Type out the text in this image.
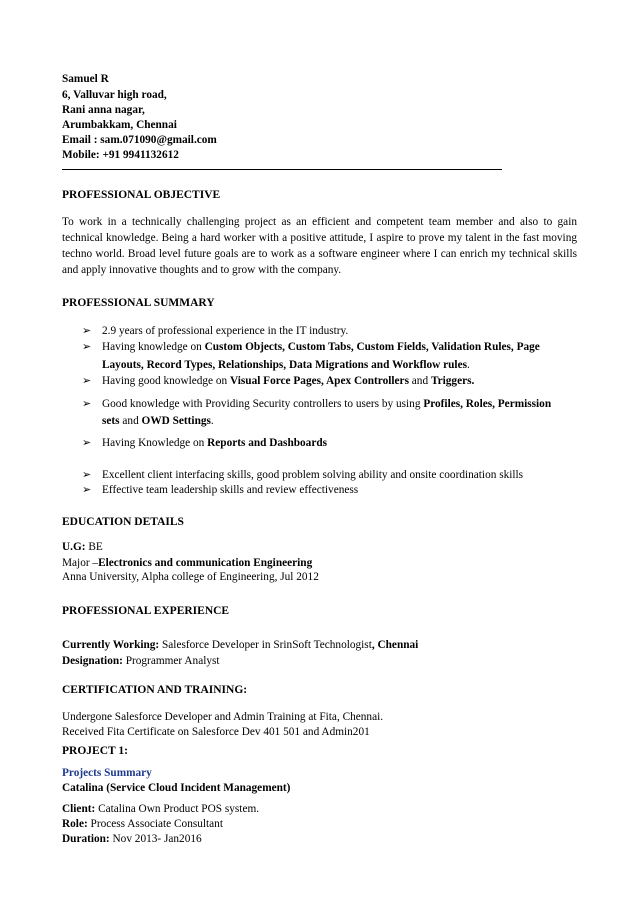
Samuel R
6, Valluvar high road,
Rani anna nagar,
Arumbakkam, Chennai
Email : sam.071090@gmail.com
Mobile: +91 9941132612
PROFESSIONAL OBJECTIVE
To work in a technically challenging project as an efficient and competent team member and also to gain technical knowledge. Being a hard worker with a positive attitude, I aspire to prove my talent in the fast moving techno world. Broad level future goals are to work as a software engineer where I can enrich my technical skills and apply innovative thoughts and to grow with the company.
PROFESSIONAL SUMMARY
➢ 2.9 years of professional experience in the IT industry.
➢ Having knowledge on Custom Objects, Custom Tabs, Custom Fields, Validation Rules, Page
Layouts, Record Types, Relationships, Data Migrations and Workflow rules.
➢ Having good knowledge on Visual Force Pages, Apex Controllers and Triggers.
➢ Good knowledge with Providing Security controllers to users by using Profiles, Roles, Permission
sets and OWD Settings.
➢ Having Knowledge on Reports and Dashboards
➢ Excellent client interfacing skills, good problem solving ability and onsite coordination skills
➢ Effective team leadership skills and review effectiveness
EDUCATION DETAILS
U.G: BE
Major –Electronics and communication Engineering
Anna University, Alpha college of Engineering, Jul 2012
PROFESSIONAL EXPERIENCE
Currently Working: Salesforce Developer in SrinSoft Technologist, Chennai
Designation: Programmer Analyst
CERTIFICATION AND TRAINING:
Undergone Salesforce Developer and Admin Training at Fita, Chennai.
Received Fita Certificate on Salesforce Dev 401 501 and Admin201
PROJECT 1:
Projects Summary
Catalina (Service Cloud Incident Management)
Client: Catalina Own Product POS system.
Role: Process Associate Consultant
Duration: Nov 2013- Jan2016
